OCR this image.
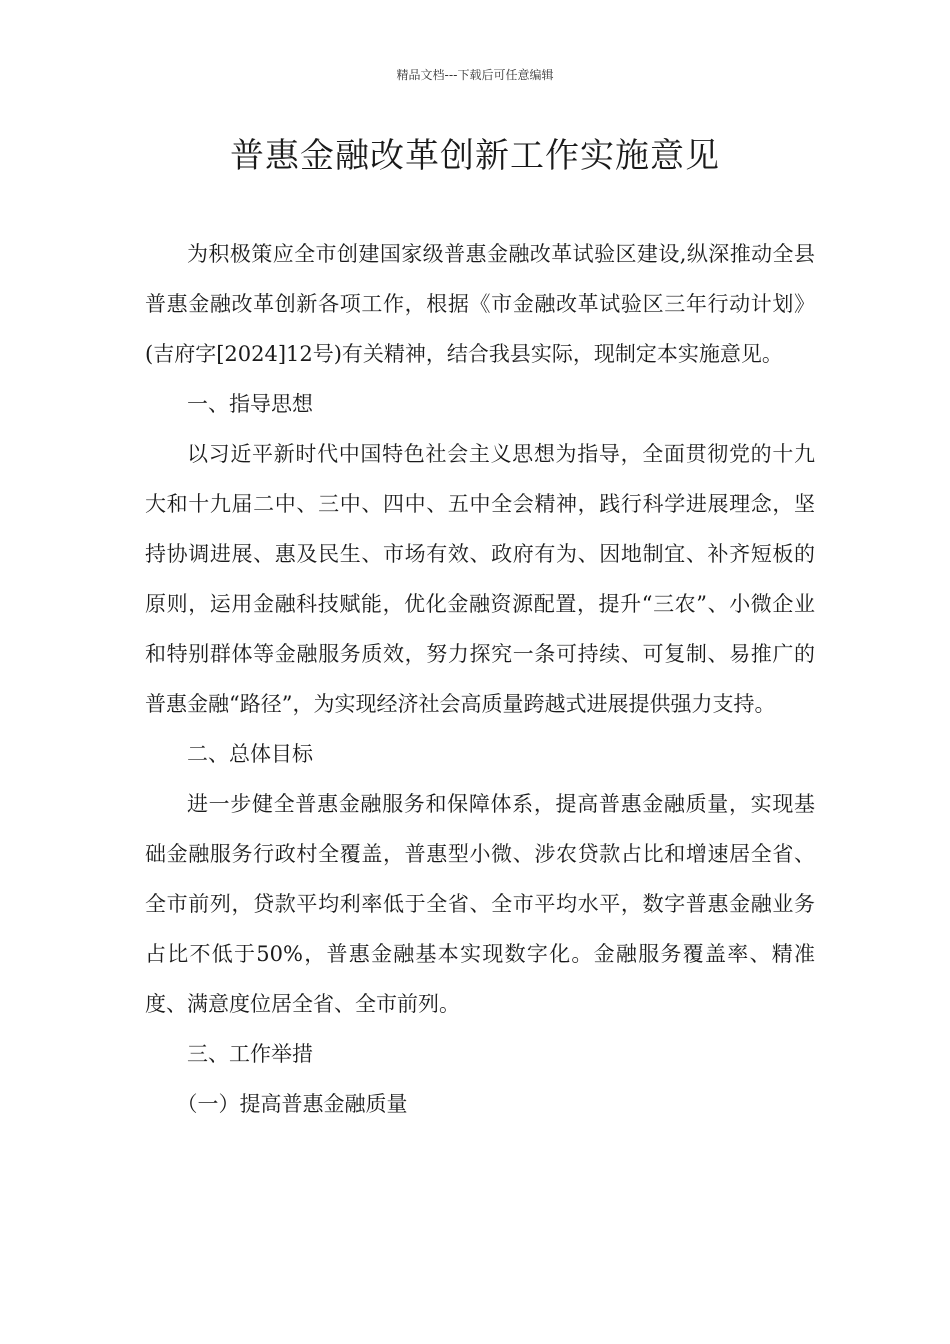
精品文档---下载后可任意编辑
普惠金融改革创新工作实施意见

为积极策应全市创建国家级普惠金融改革试验区建设,纵深推动全县普惠金融改革创新各项工作，根据《市金融改革试验区三年行动计划》(吉府字[2024]12号)有关精神，结合我县实际，现制定本实施意见。

一、指导思想

以习近平新时代中国特色社会主义思想为指导，全面贯彻党的十九大和十九届二中、三中、四中、五中全会精神，践行科学进展理念，坚持协调进展、惠及民生、市场有效、政府有为、因地制宜、补齐短板的原则，运用金融科技赋能，优化金融资源配置，提升“三农”、小微企业和特别群体等金融服务质效，努力探究一条可持续、可复制、易推广的普惠金融“路径”，为实现经济社会高质量跨越式进展提供强力支持。

二、总体目标

进一步健全普惠金融服务和保障体系，提高普惠金融质量，实现基础金融服务行政村全覆盖，普惠型小微、涉农贷款占比和增速居全省、全市前列，贷款平均利率低于全省、全市平均水平，数字普惠金融业务占比不低于50%，普惠金融基本实现数字化。金融服务覆盖率、精准度、满意度位居全省、全市前列。

三、工作举措

（一）提高普惠金融质量
